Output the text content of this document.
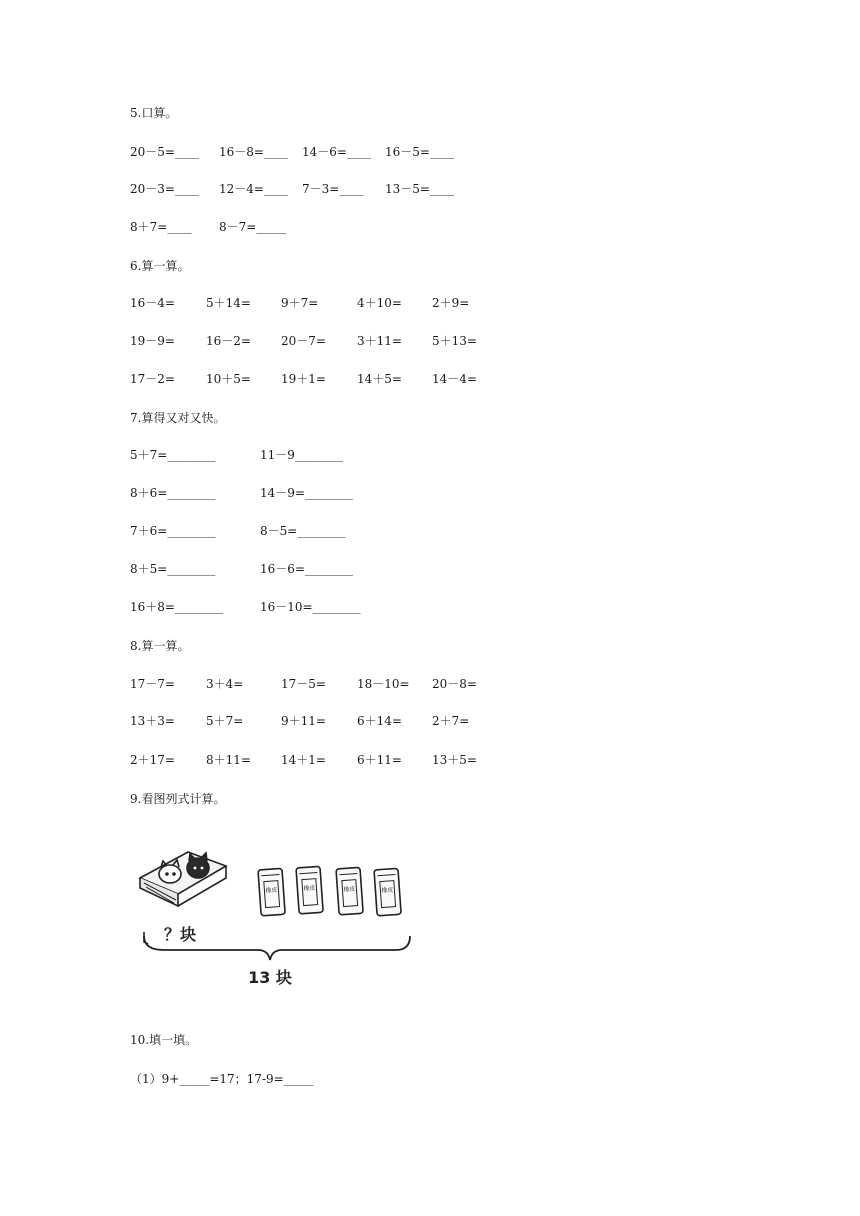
5.口算。
20－5=____ 16－8=____ 14－6=____ 16－5=____
20－3=____ 12－4=____ 7－3=____ 13－5=____
8＋7=____ 8－7=_____
6.算一算。
16－4=	5＋14=	9＋7=	4＋10=	2＋9=
19－9=	16－2=	20－7=	3＋11=	5＋13=
17－2=	10＋5=	19＋1=	14＋5=	14－4=
7.算得又对又快。
5＋7=________	11－9________
8＋6=________	14－9=________
7＋6=________	8－5=________
8＋5=________	16－6=________
16＋8=________	16－10=________
8.算一算。
17－7=	3＋4=	17－5=	18－10= 20－8=
13＋3=	5＋7=	9＋11=	6＋14=	2＋7=
2＋17=	8＋11=	14＋1=	6＋11=	13＋5=
9.看图列式计算。
橡皮	橡皮	橡皮	橡皮
？块
13 块
10.填一填。
（1）9+_____=17；17-9=_____
